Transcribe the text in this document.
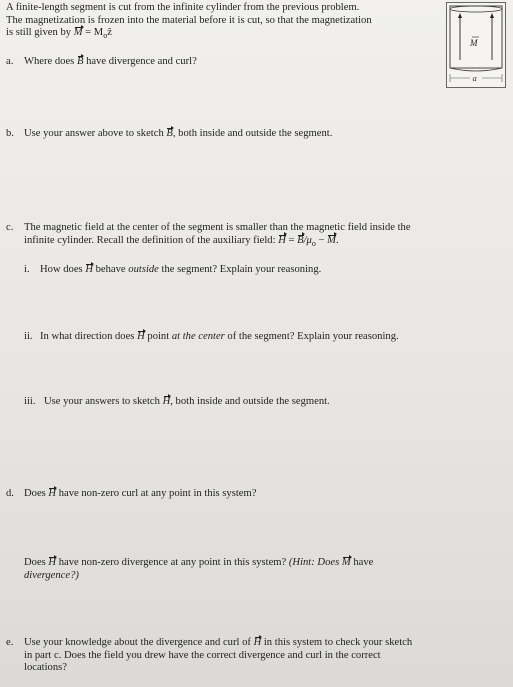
A finite-length segment is cut from the infinite cylinder from the previous problem.
The magnetization is frozen into the material before it is cut, so that the magnetization
is still given by $M = M_oẑ$
M
a
a. Where does B have divergence and curl?
b. Use your answer above to sketch B, both inside and outside the segment.
c. The magnetic field at the center of the segment is smaller than the magnetic field inside the
infinite cylinder. Recall the definition of the auxiliary field: $H = B/\mu_o - M$.
i. How does H behave outside the segment? Explain your reasoning.
ii. In what direction does H point at the center of the segment? Explain your reasoning.
iii. Use your answers to sketch H, both inside and outside the segment.
d. Does H have non-zero curl at any point in this system?
Does H have non-zero divergence at any point in this system? (Hint: Does M have
divergence?)
e. Use your knowledge about the divergence and curl of H in this system to check your sketch
in part c. Does the field you drew have the correct divergence and curl in the correct
locations?
